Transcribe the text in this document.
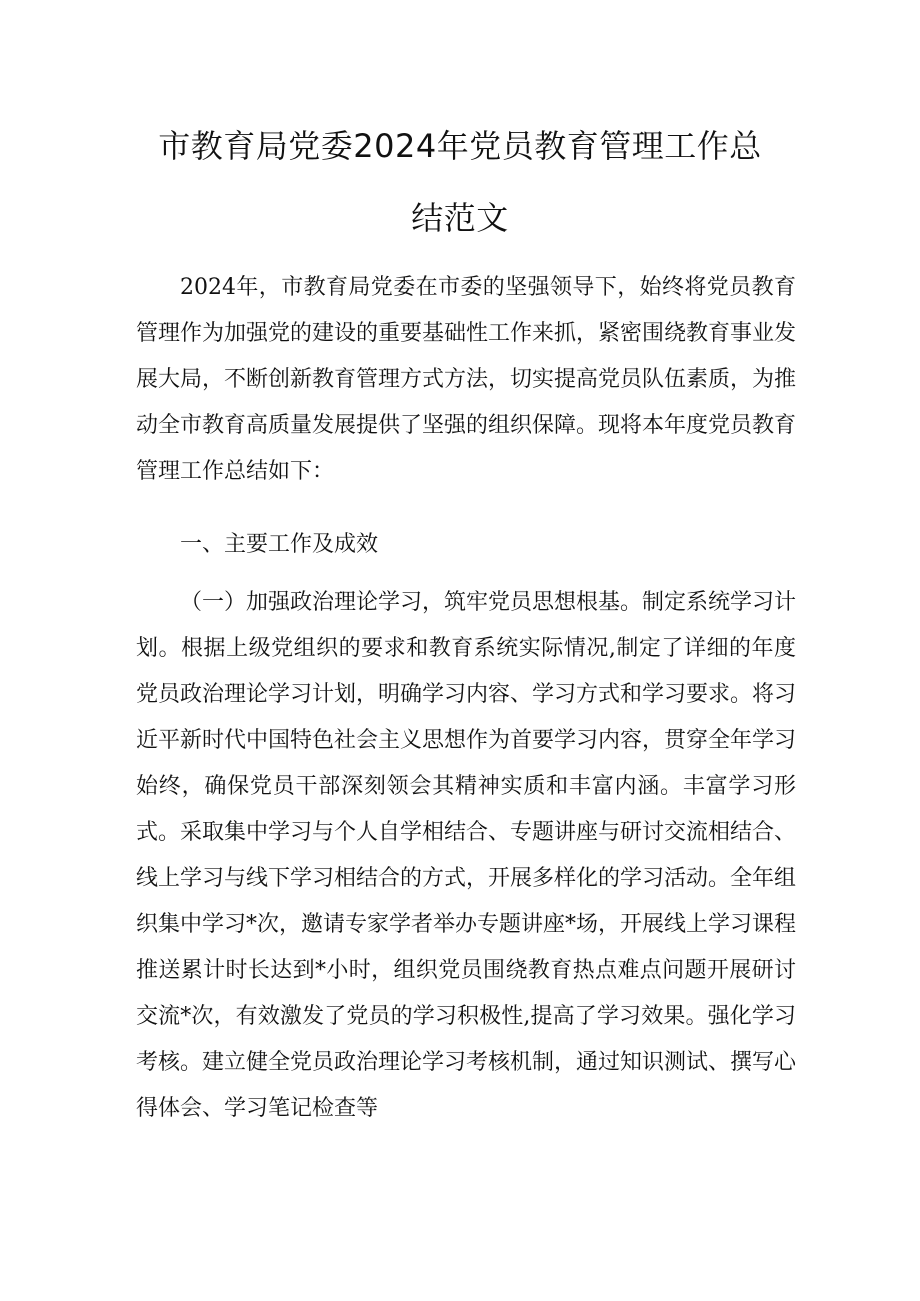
市教育局党委2024年党员教育管理工作总
结范文
2024年，市教育局党委在市委的坚强领导下，始终将党员教育管理作为加强党的建设的重要基础性工作来抓，紧密围绕教育事业发展大局，不断创新教育管理方式方法，切实提高党员队伍素质，为推动全市教育高质量发展提供了坚强的组织保障。现将本年度党员教育管理工作总结如下：
一、主要工作及成效
（一）加强政治理论学习，筑牢党员思想根基。制定系统学习计划。根据上级党组织的要求和教育系统实际情况,制定了详细的年度党员政治理论学习计划，明确学习内容、学习方式和学习要求。将习近平新时代中国特色社会主义思想作为首要学习内容，贯穿全年学习始终，确保党员干部深刻领会其精神实质和丰富内涵。丰富学习形式。采取集中学习与个人自学相结合、专题讲座与研讨交流相结合、线上学习与线下学习相结合的方式，开展多样化的学习活动。全年组织集中学习*次，邀请专家学者举办专题讲座*场，开展线上学习课程推送累计时长达到*小时，组织党员围绕教育热点难点问题开展研讨交流*次，有效激发了党员的学习积极性,提高了学习效果。强化学习考核。建立健全党员政治理论学习考核机制，通过知识测试、撰写心得体会、学习笔记检查等
